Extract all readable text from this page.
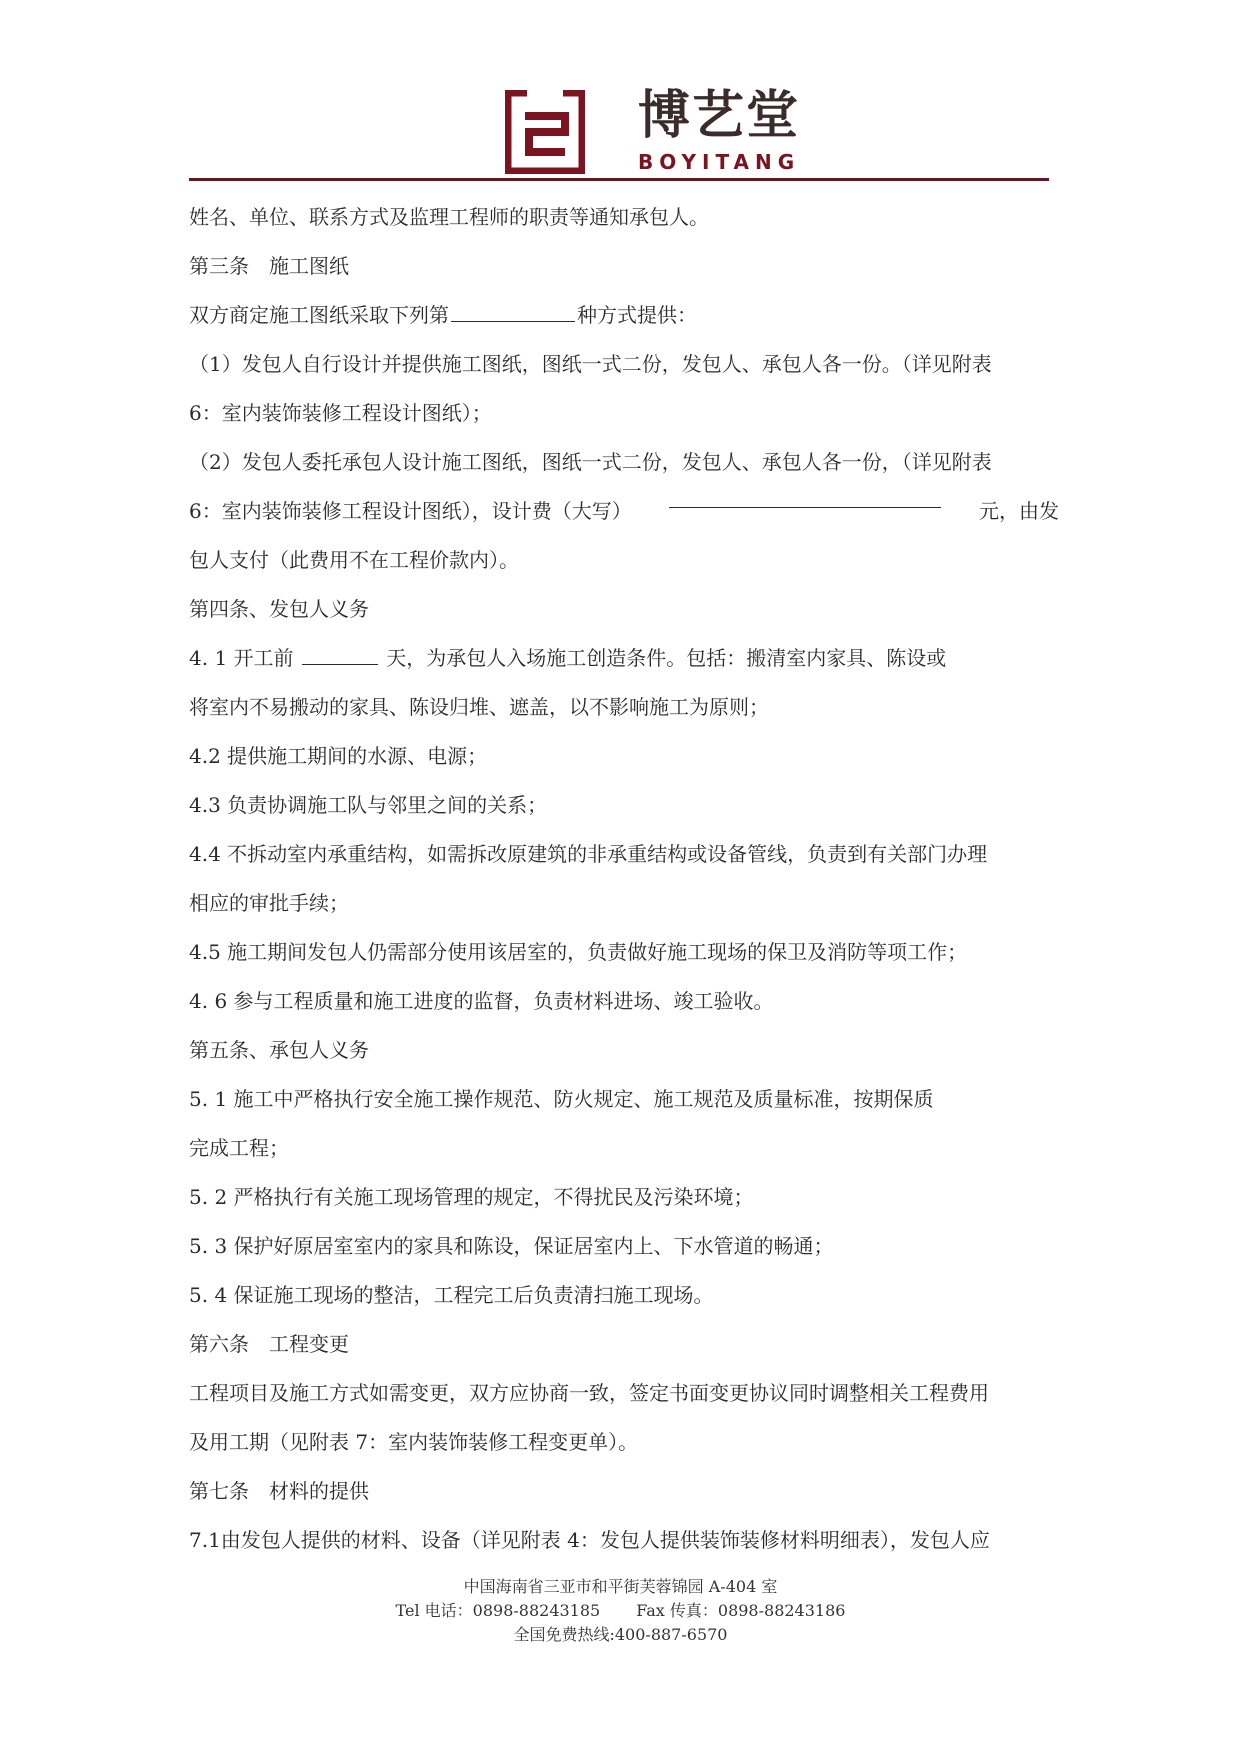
博艺堂
BOYITANG
姓名、单位、联系方式及监理工程师的职责等通知承包人。
第三条 施工图纸
双方商定施工图纸采取下列第	种方式提供：
（1）发包人自行设计并提供施工图纸，图纸一式二份，发包人、承包人各一份。（详见附表
6：室内装饰装修工程设计图纸）；
（2）发包人委托承包人设计施工图纸，图纸一式二份，发包人、承包人各一份，（详见附表
6：室内装饰装修工程设计图纸），设计费（大写）	元，由发
包人支付（此费用不在工程价款内）。
第四条、发包人义务
4. 1 开工前	天，为承包人入场施工创造条件。包括：搬清室内家具、陈设或
将室内不易搬动的家具、陈设归堆、遮盖，以不影响施工为原则；
4.2 提供施工期间的水源、电源；
4.3 负责协调施工队与邻里之间的关系；
4.4 不拆动室内承重结构，如需拆改原建筑的非承重结构或设备管线，负责到有关部门办理
相应的审批手续；
4.5 施工期间发包人仍需部分使用该居室的，负责做好施工现场的保卫及消防等项工作；
4. 6 参与工程质量和施工进度的监督，负责材料进场、竣工验收。
第五条、承包人义务
5. 1 施工中严格执行安全施工操作规范、防火规定、施工规范及质量标准，按期保质
完成工程；
5. 2 严格执行有关施工现场管理的规定，不得扰民及污染环境；
5. 3 保护好原居室室内的家具和陈设，保证居室内上、下水管道的畅通；
5. 4 保证施工现场的整洁，工程完工后负责清扫施工现场。
第六条 工程变更
工程项目及施工方式如需变更，双方应协商一致，签定书面变更协议同时调整相关工程费用
及用工期（见附表 7：室内装饰装修工程变更单）。
第七条 材料的提供
7.1由发包人提供的材料、设备（详见附表 4：发包人提供装饰装修材料明细表），发包人应
中国海南省三亚市和平街芙蓉锦园 A-404 室
Tel 电话：0898-88243185 Fax 传真：0898-88243186
全国免费热线:400-887-6570
